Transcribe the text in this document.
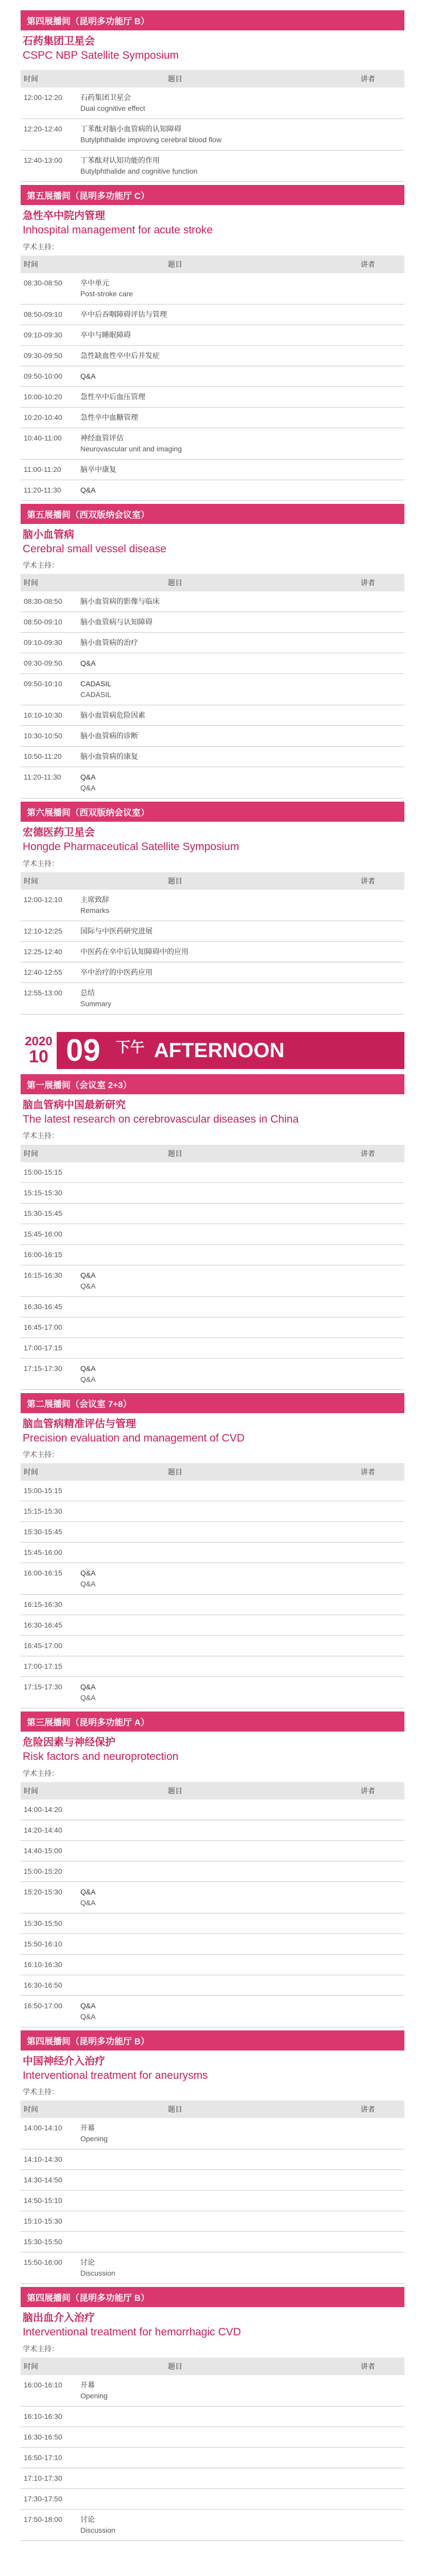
第四展播间（昆明多功能厅 B）
石药集团卫星会
CSPC NBP Satellite Symposium
时间	题目	讲者
12:00-12:20	石药集团卫星会
Dual cognitive effect
12:20-12:40	丁苯酞对脑小血管病的认知障碍
Butylphthalide improving cerebral blood flow
12:40-13:00	丁苯酞对认知功能的作用
Butylphthalide and cognitive function
第五展播间（昆明多功能厅 C）
急性卒中院内管理
Inhospital management for acute stroke
学术主持：
时间	题目	讲者
08:30-08:50	卒中单元
Post-stroke care
08:50-09:10	卒中后吞咽障碍评估与管理
09:10-09:30	卒中与睡眠障碍
09:30-09:50	急性缺血性卒中后并发症
09:50-10:00	Q&A
10:00-10:20	急性卒中后血压管理
10:20-10:40	急性卒中血糖管理
10:40-11:00	神经血管评估
Neurovascular unit and imaging
11:00-11:20	脑卒中康复
11:20-11:30	Q&A
第五展播间（西双版纳会议室）
脑小血管病
Cerebral small vessel disease
学术主持：
时间	题目	讲者
08:30-08:50	脑小血管病的影像与临床
08:50-09:10	脑小血管病与认知障碍
09:10-09:30	脑小血管病的治疗
09:30-09:50	Q&A
09:50-10:10	CADASIL
CADASIL
10:10-10:30	脑小血管病危险因素
10:30-10:50	脑小血管病的诊断
10:50-11:20	脑小血管病的康复
11:20-11:30	Q&A
Q&A
第六展播间（西双版纳会议室）
宏德医药卫星会
Hongde Pharmaceutical Satellite Symposium
学术主持：
时间	题目	讲者
12:00-12:10	主席致辞
Remarks
12:10-12:25	国际与中医药研究进展
12:25-12:40	中医药在卒中后认知障碍中的应用
12:40-12:55	卒中治疗的中医药应用
12:55-13:00	总结
Summary
2020
10 09	$^{下午}$ AFTERNOON
第一展播间（会议室 2+3）
脑血管病中国最新研究
The latest research on cerebrovascular diseases in China
学术主持：
时间	题目	讲者
15:00-15:15
15:15-15:30
15:30-15:45
15:45-16:00
16:00-16:15
16:15-16:30	Q&A
Q&A
16:30-16:45
16:45-17:00
17:00-17:15
17:15-17:30	Q&A
Q&A
第二展播间（会议室 7+8）
脑血管病精准评估与管理
Precision evaluation and management of CVD
学术主持：
时间	题目	讲者
15:00-15:15
15:15-15:30
15:30-15:45
15:45-16:00
16:00-16:15	Q&A
Q&A
16:15-16:30
16:30-16:45
16:45-17:00
17:00-17:15
17:15-17:30	Q&A
Q&A
第三展播间（昆明多功能厅 A）
危险因素与神经保护
Risk factors and neuroprotection
学术主持：
时间	题目	讲者
14:00-14:20
14:20-14:40
14:40-15:00
15:00-15:20
15:20-15:30	Q&A
Q&A
15:30-15:50
15:50-16:10
16:10-16:30
16:30-16:50
16:50-17:00	Q&A
Q&A
第四展播间（昆明多功能厅 B）
中国神经介入治疗
Interventional treatment for aneurysms
学术主持：
时间	题目	讲者
14:00-14:10	开幕
Opening
14:10-14:30
14:30-14:50
14:50-15:10
15:10-15:30
15:30-15:50
15:50-16:00	讨论
Discussion
第四展播间（昆明多功能厅 B）
脑出血介入治疗
Interventional treatment for hemorrhagic CVD
学术主持：
时间	题目	讲者
16:00-16:10	开幕
Opening
16:10-16:30
16:30-16:50
16:50-17:10
17:10-17:30
17:30-17:50
17:50-18:00	讨论
Discussion
